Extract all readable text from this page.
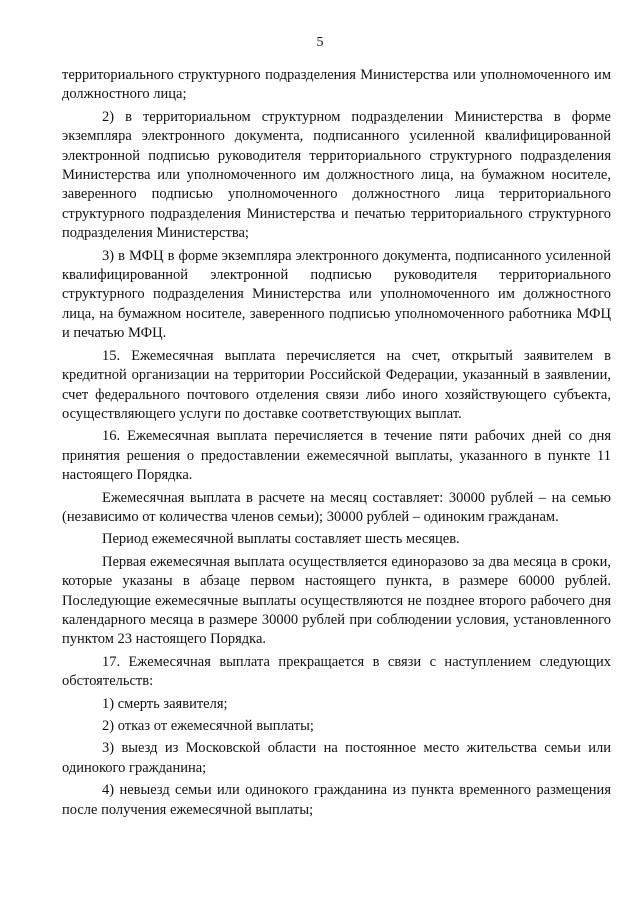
5

территориального структурного подразделения Министерства или уполномоченного им должностного лица;

2) в территориальном структурном подразделении Министерства в форме экземпляра электронного документа, подписанного усиленной квалифицированной электронной подписью руководителя территориального структурного подразделения Министерства или уполномоченного им должностного лица, на бумажном носителе, заверенного подписью уполномоченного должностного лица территориального структурного подразделения Министерства и печатью территориального структурного подразделения Министерства;

3) в МФЦ в форме экземпляра электронного документа, подписанного усиленной квалифицированной электронной подписью руководителя территориального структурного подразделения Министерства или уполномоченного им должностного лица, на бумажном носителе, заверенного подписью уполномоченного работника МФЦ и печатью МФЦ.

15. Ежемесячная выплата перечисляется на счет, открытый заявителем в кредитной организации на территории Российской Федерации, указанный в заявлении, счет федерального почтового отделения связи либо иного хозяйствующего субъекта, осуществляющего услуги по доставке соответствующих выплат.

16. Ежемесячная выплата перечисляется в течение пяти рабочих дней со дня принятия решения о предоставлении ежемесячной выплаты, указанного в пункте 11 настоящего Порядка.

Ежемесячная выплата в расчете на месяц составляет: 30000 рублей – на семью (независимо от количества членов семьи); 30000 рублей – одиноким гражданам.

Период ежемесячной выплаты составляет шесть месяцев.

Первая ежемесячная выплата осуществляется единоразово за два месяца в сроки, которые указаны в абзаце первом настоящего пункта, в размере 60000 рублей. Последующие ежемесячные выплаты осуществляются не позднее второго рабочего дня календарного месяца в размере 30000 рублей при соблюдении условия, установленного пунктом 23 настоящего Порядка.

17. Ежемесячная выплата прекращается в связи с наступлением следующих обстоятельств:

1) смерть заявителя;

2) отказ от ежемесячной выплаты;

3) выезд из Московской области на постоянное место жительства семьи или одинокого гражданина;

4) невыезд семьи или одинокого гражданина из пункта временного размещения после получения ежемесячной выплаты;
